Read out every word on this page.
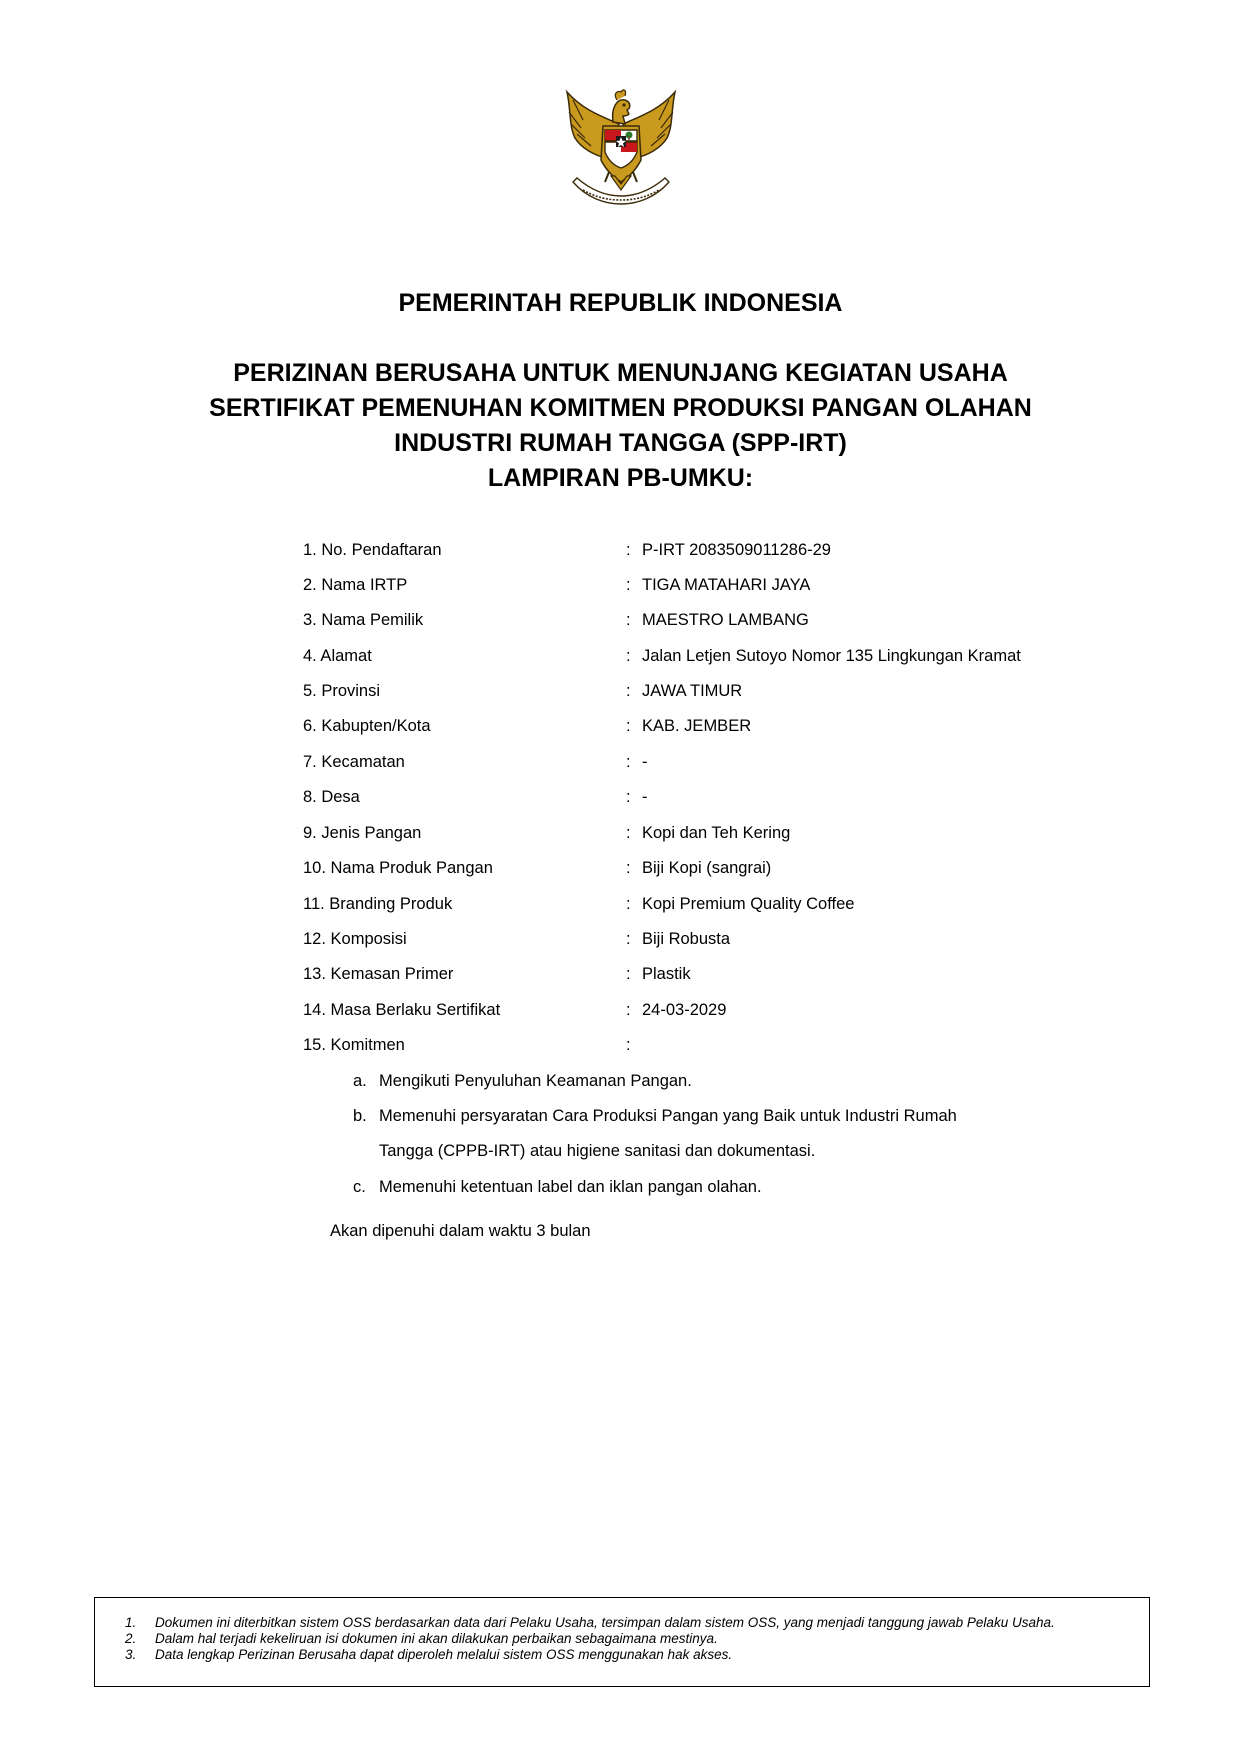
PEMERINTAH REPUBLIK INDONESIA
PERIZINAN BERUSAHA UNTUK MENUNJANG KEGIATAN USAHA
SERTIFIKAT PEMENUHAN KOMITMEN PRODUKSI PANGAN OLAHAN
INDUSTRI RUMAH TANGGA (SPP-IRT)
LAMPIRAN PB-UMKU:
1. No. Pendaftaran	: P-IRT 2083509011286-29
2. Nama IRTP	: TIGA MATAHARI JAYA
3. Nama Pemilik	: MAESTRO LAMBANG
4. Alamat	: Jalan Letjen Sutoyo Nomor 135 Lingkungan Kramat
5. Provinsi	: JAWA TIMUR
6. Kabupten/Kota	: KAB. JEMBER
7. Kecamatan	: -
8. Desa	: -
9. Jenis Pangan	: Kopi dan Teh Kering
10. Nama Produk Pangan	: Biji Kopi (sangrai)
11. Branding Produk	: Kopi Premium Quality Coffee
12. Komposisi	: Biji Robusta
13. Kemasan Primer	: Plastik
14. Masa Berlaku Sertifikat	: 24-03-2029
15. Komitmen	:
a. Mengikuti Penyuluhan Keamanan Pangan.
b. Memenuhi persyaratan Cara Produksi Pangan yang Baik untuk Industri Rumah
Tangga (CPPB-IRT) atau higiene sanitasi dan dokumentasi.
c. Memenuhi ketentuan label dan iklan pangan olahan.
Akan dipenuhi dalam waktu 3 bulan
1. Dokumen ini diterbitkan sistem OSS berdasarkan data dari Pelaku Usaha, tersimpan dalam sistem OSS, yang menjadi tanggung jawab Pelaku Usaha.
2. Dalam hal terjadi kekeliruan isi dokumen ini akan dilakukan perbaikan sebagaimana mestinya.
3. Data lengkap Perizinan Berusaha dapat diperoleh melalui sistem OSS menggunakan hak akses.
